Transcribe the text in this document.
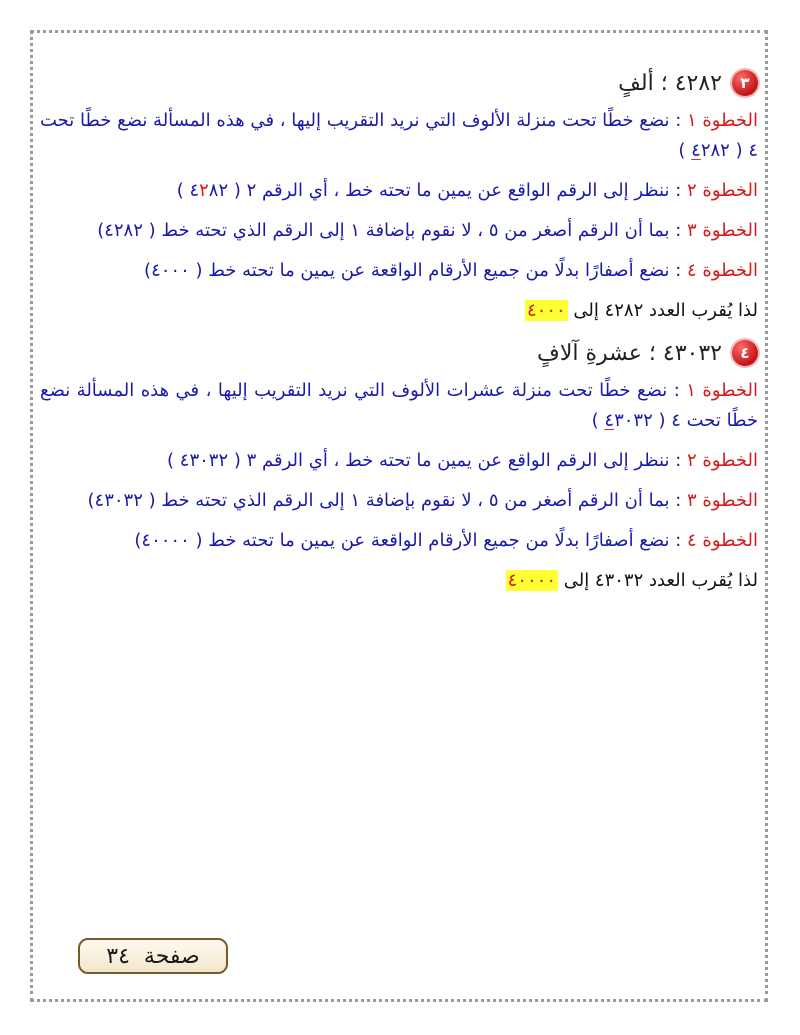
٣
٤٢٨٢ ؛ ألفٍ

الخطوة ١ : نضع خطًا تحت منزلة الألوف التي نريد التقريب إليها ، في هذه المسألة نضع خطًا تحت ٤ ( ٤٢٨٢ )

الخطوة ٢ : ننظر إلى الرقم الواقع عن يمين ما تحته خط ، أي الرقم ٢ ( ٤٢٨٢ )

الخطوة ٣ : بما أن الرقم أصغر من ٥ ، لا نقوم بإضافة ١ إلى الرقم الذي تحته خط ( ٤٢٨٢)

الخطوة ٤ : نضع أصفارًا بدلًا من جميع الأرقام الواقعة عن يمين ما تحته خط ( ٤٠٠٠)

لذا يُقرب العدد ٤٢٨٢ إلى ٤٠٠٠

٤
٤٣٠٣٢ ؛ عشرةِ آلافٍ

الخطوة ١ : نضع خطًا تحت منزلة عشرات الألوف التي نريد التقريب إليها ، في هذه المسألة نضع خطًا تحت ٤ ( ٤٣٠٣٢ )

الخطوة ٢ : ننظر إلى الرقم الواقع عن يمين ما تحته خط ، أي الرقم ٣ ( ٤٣٠٣٢ )

الخطوة ٣ : بما أن الرقم أصغر من ٥ ، لا نقوم بإضافة ١ إلى الرقم الذي تحته خط ( ٤٣٠٣٢)

الخطوة ٤ : نضع أصفارًا بدلًا من جميع الأرقام الواقعة عن يمين ما تحته خط ( ٤٠٠٠٠)

لذا يُقرب العدد ٤٣٠٣٢ إلى ٤٠٠٠٠

صفحة
٣٤
